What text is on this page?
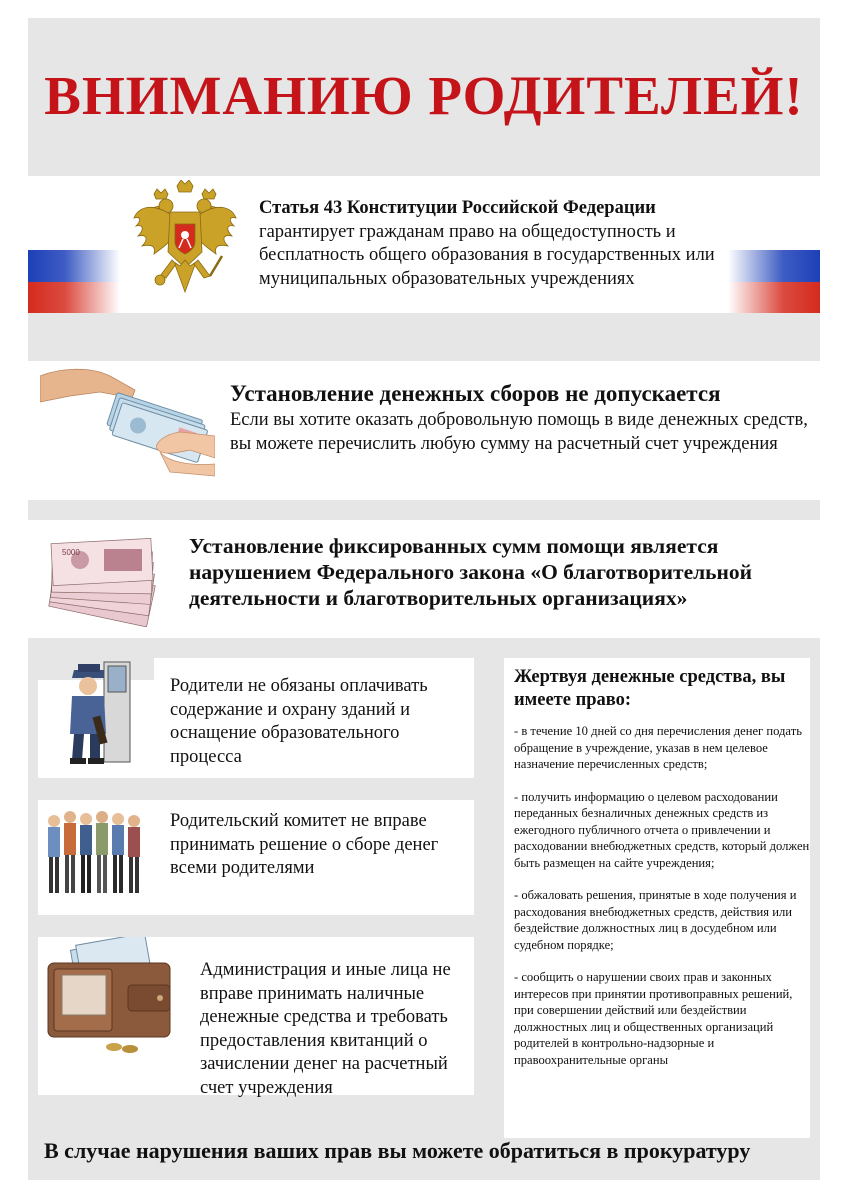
ВНИМАНИЮ РОДИТЕЛЕЙ!
Статья 43 Конституции Российской Федерации
гарантирует гражданам право на общедоступность и бесплатность общего образования в государственных или муниципальных образовательных учреждениях
Установление денежных сборов не допускается
Если вы хотите оказать добровольную помощь в виде денежных средств, вы можете перечислить любую сумму на расчетный счет учреждения
5000	Установление фиксированных сумм помощи является нарушением Федерального закона «О благотворительной деятельности и благотворительных организациях»
Родители не обязаны оплачивать содержание и охрану зданий и оснащение образовательного процесса
Родительский комитет не вправе принимать решение о сборе денег всеми родителями
Администрация и иные лица не вправе принимать наличные денежные средства и требовать предоставления квитанций о зачислении денег на расчетный счет учреждения
Жертвуя денежные средства, вы имеете право:
- в течение 10 дней со дня перечисления денег подать обращение в учреждение, указав в нем целевое назначение перечисленных средств;
- получить информацию о целевом расходовании переданных безналичных денежных средств из ежегодного публичного отчета о привлечении и расходовании внебюджетных средств, который должен быть размещен на сайте учреждения;
- обжаловать решения, принятые в ходе получения и расходования внебюджетных средств, действия или бездействие должностных лиц в досудебном или судебном порядке;
- сообщить о нарушении своих прав и законных интересов при принятии противоправных решений, при совершении действий или бездействии должностных лиц и общественных организаций родителей в контрольно-надзорные и правоохранительные органы
В случае нарушения ваших прав вы можете обратиться в прокуратуру
